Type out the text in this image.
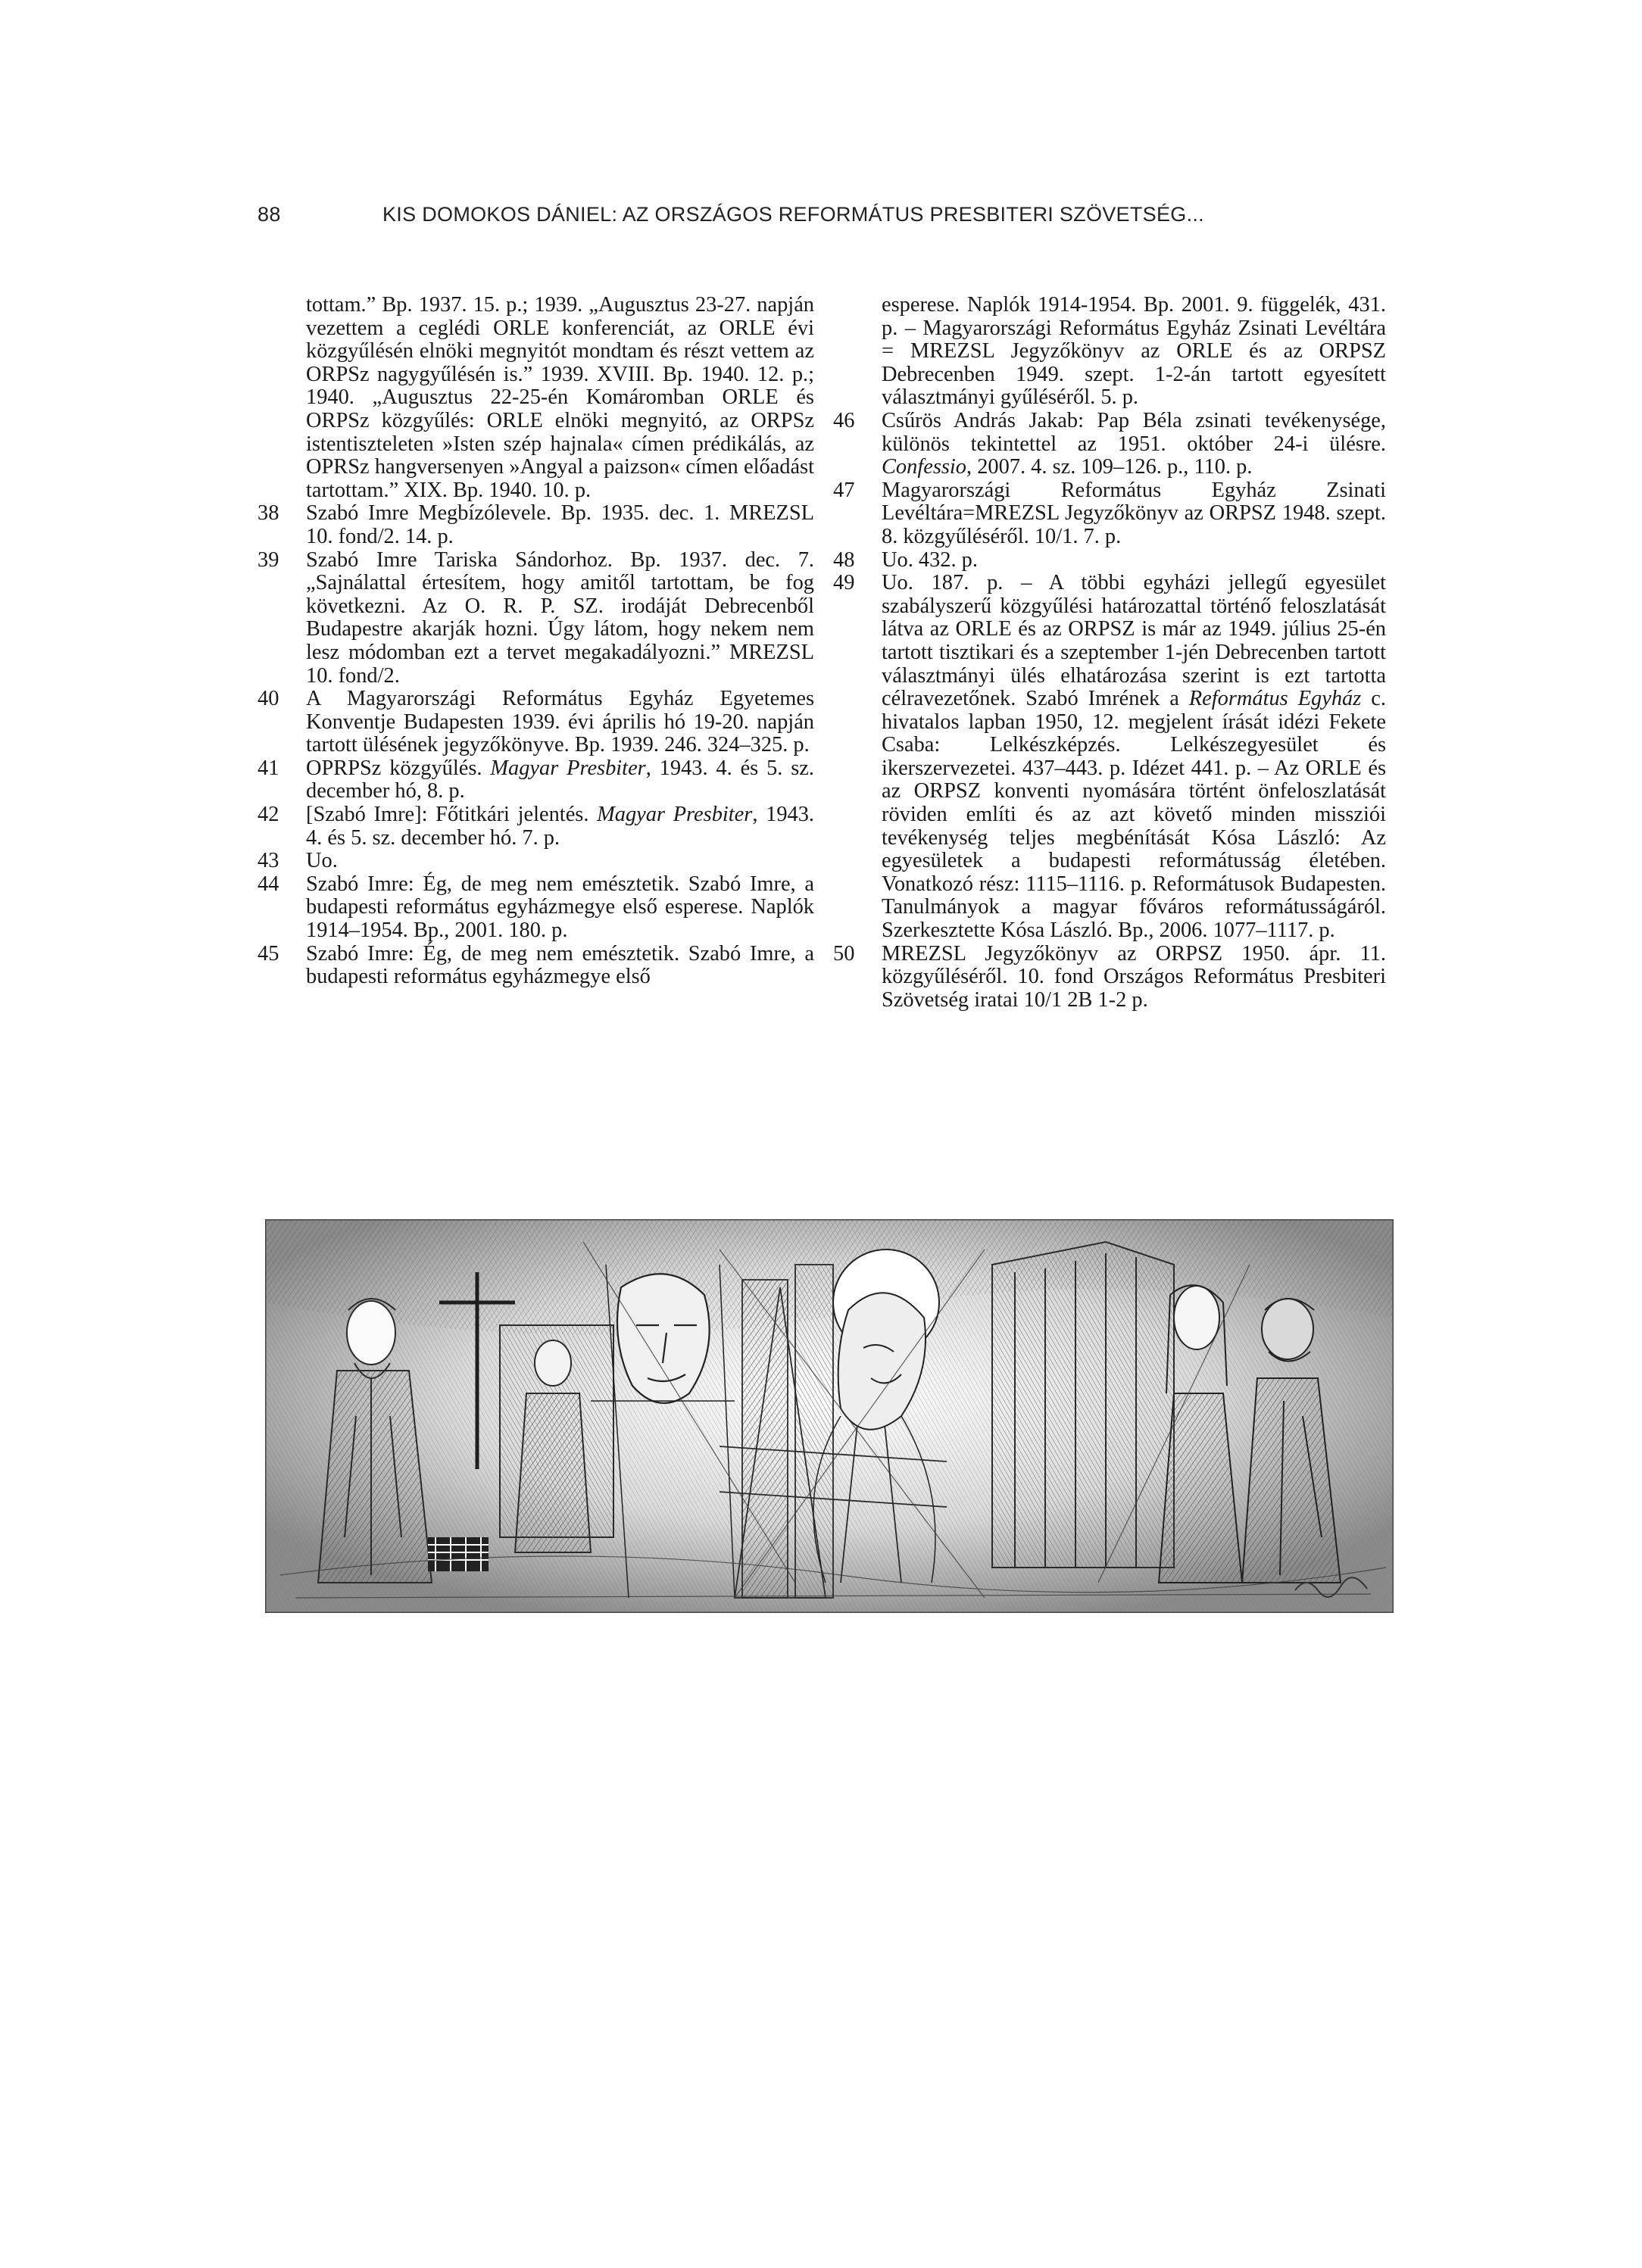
88	KIS DOMOKOS DÁNIEL: AZ ORSZÁGOS REFORMÁTUS PRESBITERI SZÖVETSÉG...

tottam.” Bp. 1937. 15. p.; 1939. „Augusztus 23-27. napján vezettem a ceglédi ORLE konferenciát, az ORLE évi közgyűlésén elnöki megnyitót mondtam és részt vettem az ORPSz nagygyűlésén is.” 1939. XVIII. Bp. 1940. 12. p.; 1940. „Augusztus 22-25-én Komáromban ORLE és ORPSz közgyűlés: ORLE elnöki megnyitó, az ORPSz istentiszteleten »Isten szép hajnala« címen prédikálás, az OPRSz hangversenyen »Angyal a paizson« címen előadást tartottam.” XIX. Bp. 1940. 10. p.

38	Szabó Imre Megbízólevele. Bp. 1935. dec. 1. MREZSL 10. fond/2. 14. p.

39	Szabó Imre Tariska Sándorhoz. Bp. 1937. dec. 7. „Sajnálattal értesítem, hogy amitől tartottam, be fog következni. Az O. R. P. SZ. irodáját Debrecenből Budapestre akarják hozni. Úgy látom, hogy nekem nem lesz módomban ezt a tervet megakadályozni.” MREZSL 10. fond/2.

40	A Magyarországi Református Egyház Egyetemes Konventje Budapesten 1939. évi április hó 19-20. napján tartott ülésének jegyzőkönyve. Bp. 1939. 246. 324–325. p.

41	OPRPSz közgyűlés. Magyar Presbiter, 1943. 4. és 5. sz. december hó, 8. p.

42	[Szabó Imre]: Főtitkári jelentés. Magyar Presbiter, 1943. 4. és 5. sz. december hó. 7. p.

43	Uo.

44	Szabó Imre: Ég, de meg nem emésztetik. Szabó Imre, a budapesti református egyházmegye első esperese. Naplók 1914–1954. Bp., 2001. 180. p.

45	Szabó Imre: Ég, de meg nem emésztetik. Szabó Imre, a budapesti református egyházmegye első

esperese. Naplók 1914-1954. Bp. 2001. 9. függelék, 431. p. – Magyarországi Református Egyház Zsinati Levéltára = MREZSL Jegyzőkönyv az ORLE és az ORPSZ Debrecenben 1949. szept. 1-2-án tartott egyesített választmányi gyűléséről. 5. p.

46	Csűrös András Jakab: Pap Béla zsinati tevékenysége, különös tekintettel az 1951. október 24-i ülésre. Confessio, 2007. 4. sz. 109–126. p., 110. p.

47	Magyarországi Református Egyház Zsinati Levéltára=MREZSL Jegyzőkönyv az ORPSZ 1948. szept. 8. közgyűléséről. 10/1. 7. p.

48	Uo. 432. p.

49	Uo. 187. p. – A többi egyházi jellegű egyesület szabályszerű közgyűlési határozattal történő feloszlatását látva az ORLE és az ORPSZ is már az 1949. július 25-én tartott tisztikari és a szeptember 1-jén Debrecenben tartott választmányi ülés elhatározása szerint is ezt tartotta célravezetőnek. Szabó Imrének a Református Egyház c. hivatalos lapban 1950, 12. megjelent írását idézi Fekete Csaba: Lelkészképzés. Lelkészegyesület és ikerszervezetei. 437–443. p. Idézet 441. p. – Az ORLE és az ORPSZ konventi nyomására történt önfeloszlatását röviden említi és az azt követő minden missziói tevékenység teljes megbénítását Kósa László: Az egyesületek a budapesti reformátusság életében. Vonatkozó rész: 1115–1116. p. Reformátusok Budapesten. Tanulmányok a magyar főváros reformátusságáról. Szerkesztette Kósa László. Bp., 2006. 1077–1117. p.

50	MREZSL Jegyzőkönyv az ORPSZ 1950. ápr. 11. közgyűléséről. 10. fond Országos Református Presbiteri Szövetség iratai 10/1 2B 1-2 p.
